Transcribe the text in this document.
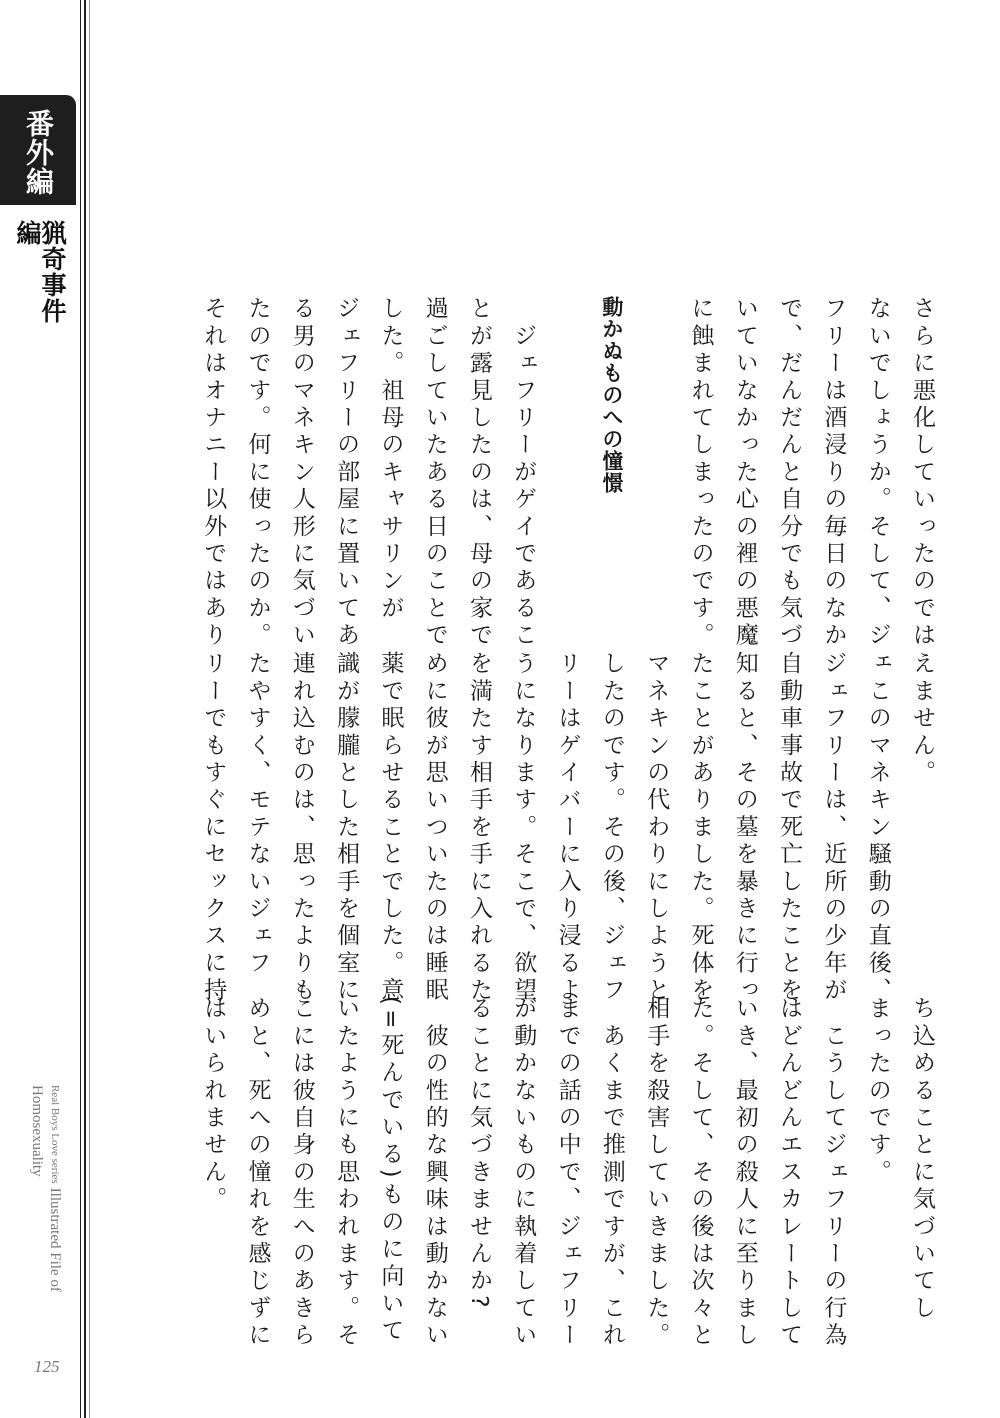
番外編
猟奇事件編
Real Boys Love series Illustrated File of Homosexuality
125
さらに悪化していったのでは
ないでしょうか。そして、ジェ
フリーは酒浸りの毎日のなか
で、だんだんと自分でも気づ
いていなかった心の裡の悪魔
に蝕まれてしまったのです。
動かぬものへの憧憬
　ジェフリーがゲイであるこ
とが露見したのは、母の家で
過ごしていたある日のことで
した。祖母のキャサリンが
ジェフリーの部屋に置いてあ
る男のマネキン人形に気づい
たのです。何に使ったのか。
それはオナニー以外ではあり
えません。
　このマネキン騒動の直後、
ジェフリーは、近所の少年が
自動車事故で死亡したことを
知ると、その墓を暴きに行っ
たことがありました。死体を
マネキンの代わりにしようと
したのです。その後、ジェフ
リーはゲイバーに入り浸るよ
うになります。そこで、欲望
を満たす相手を手に入れるた
めに彼が思いついたのは睡眠
薬で眠らせることでした。意
識が朦朧とした相手を個室に
連れ込むのは、思ったよりも
たやすく、モテないジェフ
リーでもすぐにセックスに持
ち込めることに気づいてし
まったのです。
　こうしてジェフリーの行為
はどんどんエスカレートして
いき、最初の殺人に至りまし
た。そして、その後は次々と
相手を殺害していきました。
　あくまで推測ですが、これ
までの話の中で、ジェフリー
が動かないものに執着してい
ることに気づきませんか?
　彼の性的な興味は動かない
(=死んでいる)ものに向いて
いたようにも思われます。そ
こには彼自身の生へのあきら
めと、死への憧れを感じずに
はいられません。
